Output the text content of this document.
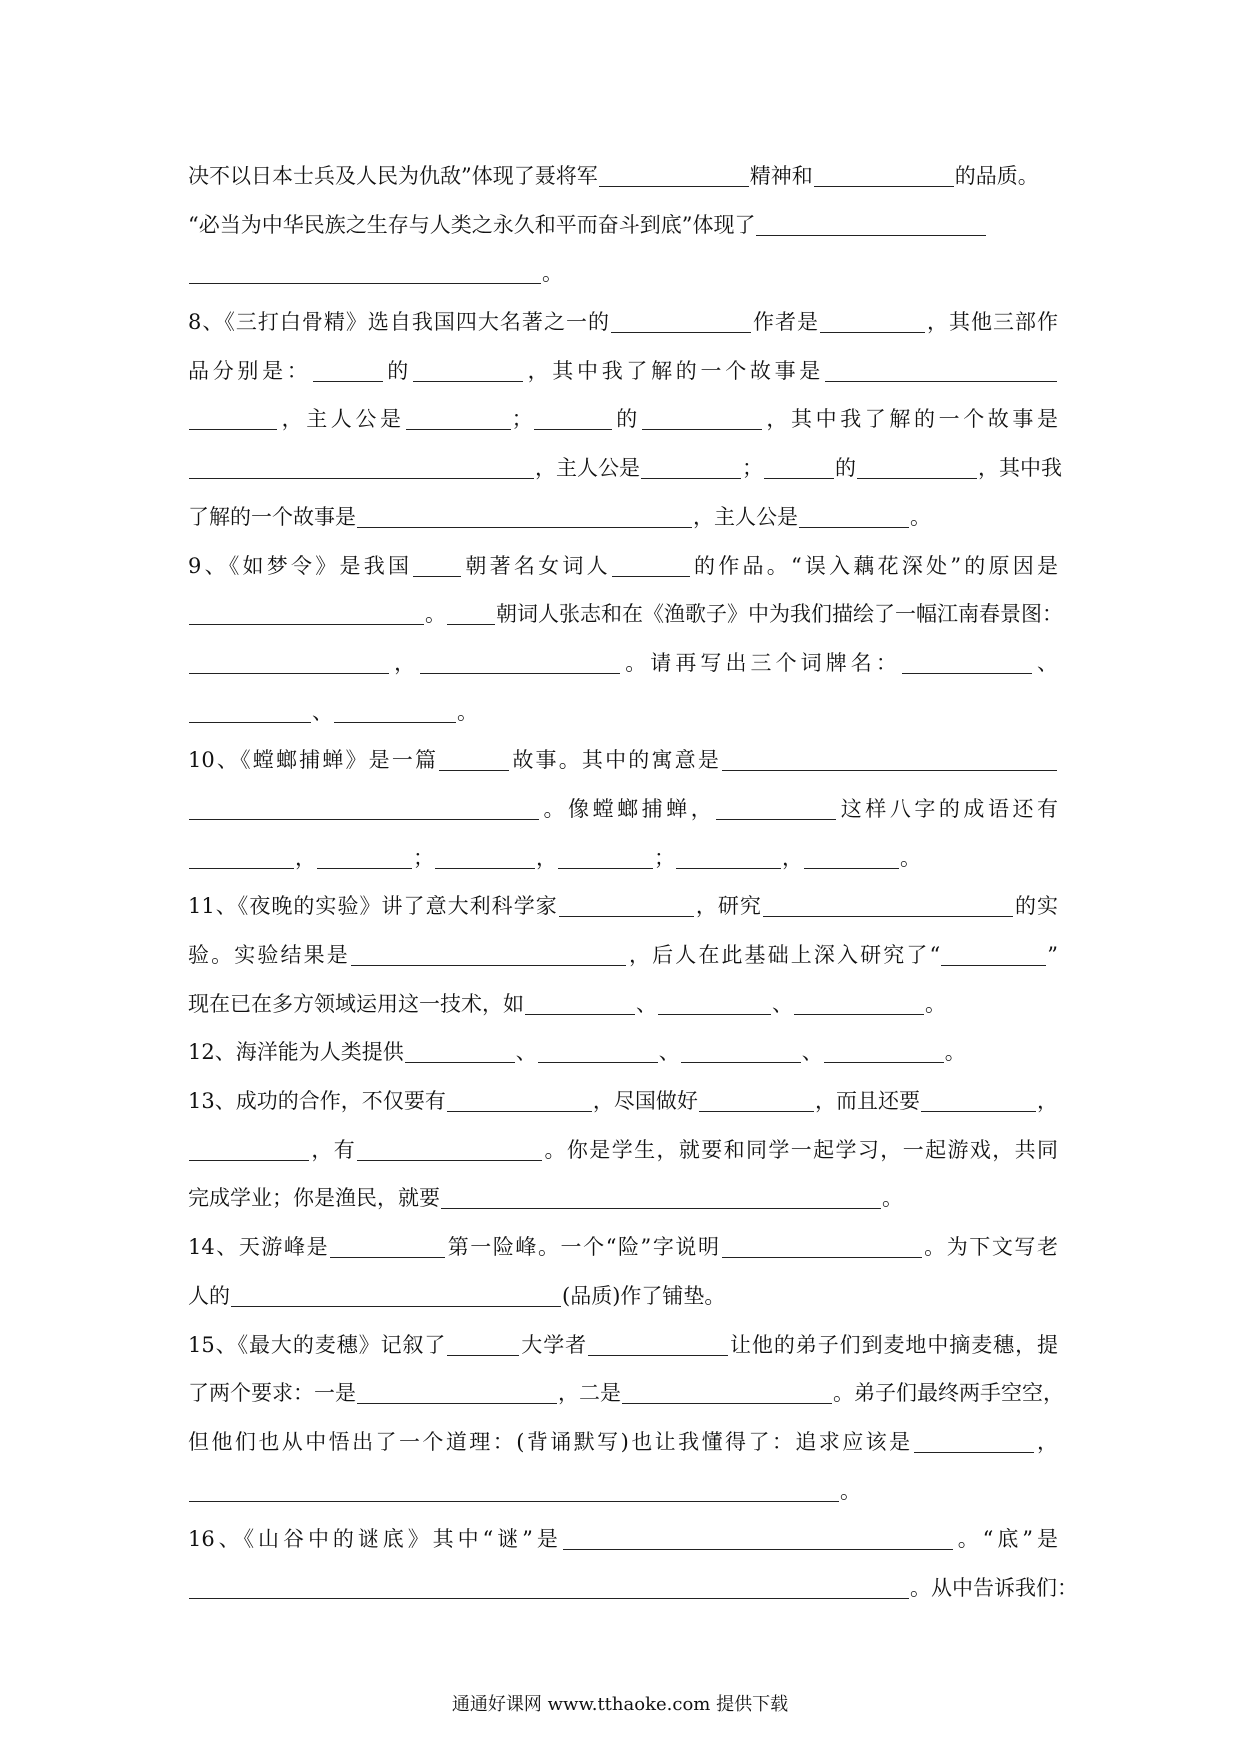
决不以日本士兵及人民为仇敌”体现了聂将军	精神和	的品质。
“必当为中华民族之生存与人类之永久和平而奋斗到底”体现了
。
8、《三打白骨精》选自我国四大名著之一的	作者是	，其他三部作
品分别是：	的	，其中我了解的一个故事是
，主人公是	；	的	，其中我了解的一个故事是
，主人公是	；	的	，其中我
了解的一个故事是	，主人公是	。
9、《如梦令》是我国 朝著名女词人	的作品。“误入藕花深处”的原因是
。 朝词人张志和在《渔歌子》中为我们描绘了一幅江南春景图：
，	。请再写出三个词牌名：	、
、	。
10、《螳螂捕蝉》是一篇	故事。其中的寓意是
。像螳螂捕蝉，	这样八字的成语还有
，	；	，	；	，	。
11、《夜晚的实验》讲了意大利科学家	，研究	的实
验。实验结果是	，后人在此基础上深入研究了“	”
现在已在多方领域运用这一技术，如	、	、	。
12、海洋能为人类提供	、	、	、	。
13、成功的合作，不仅要有	，尽国做好	，而且还要	，
，有	。你是学生，就要和同学一起学习，一起游戏，共同
完成学业；你是渔民，就要	。
14、天游峰是	第一险峰。一个“险”字说明	。为下文写老
人的	(品质)作了铺垫。
15、《最大的麦穗》记叙了	大学者	让他的弟子们到麦地中摘麦穗，提
了两个要求：一是	，二是	。弟子们最终两手空空，
但他们也从中悟出了一个道理：(背诵默写)也让我懂得了：追求应该是	，
。
16、《山谷中的谜底》其中“谜”是	。“底”是
。从中告诉我们：
通通好课网 www.tthaoke.com 提供下载
